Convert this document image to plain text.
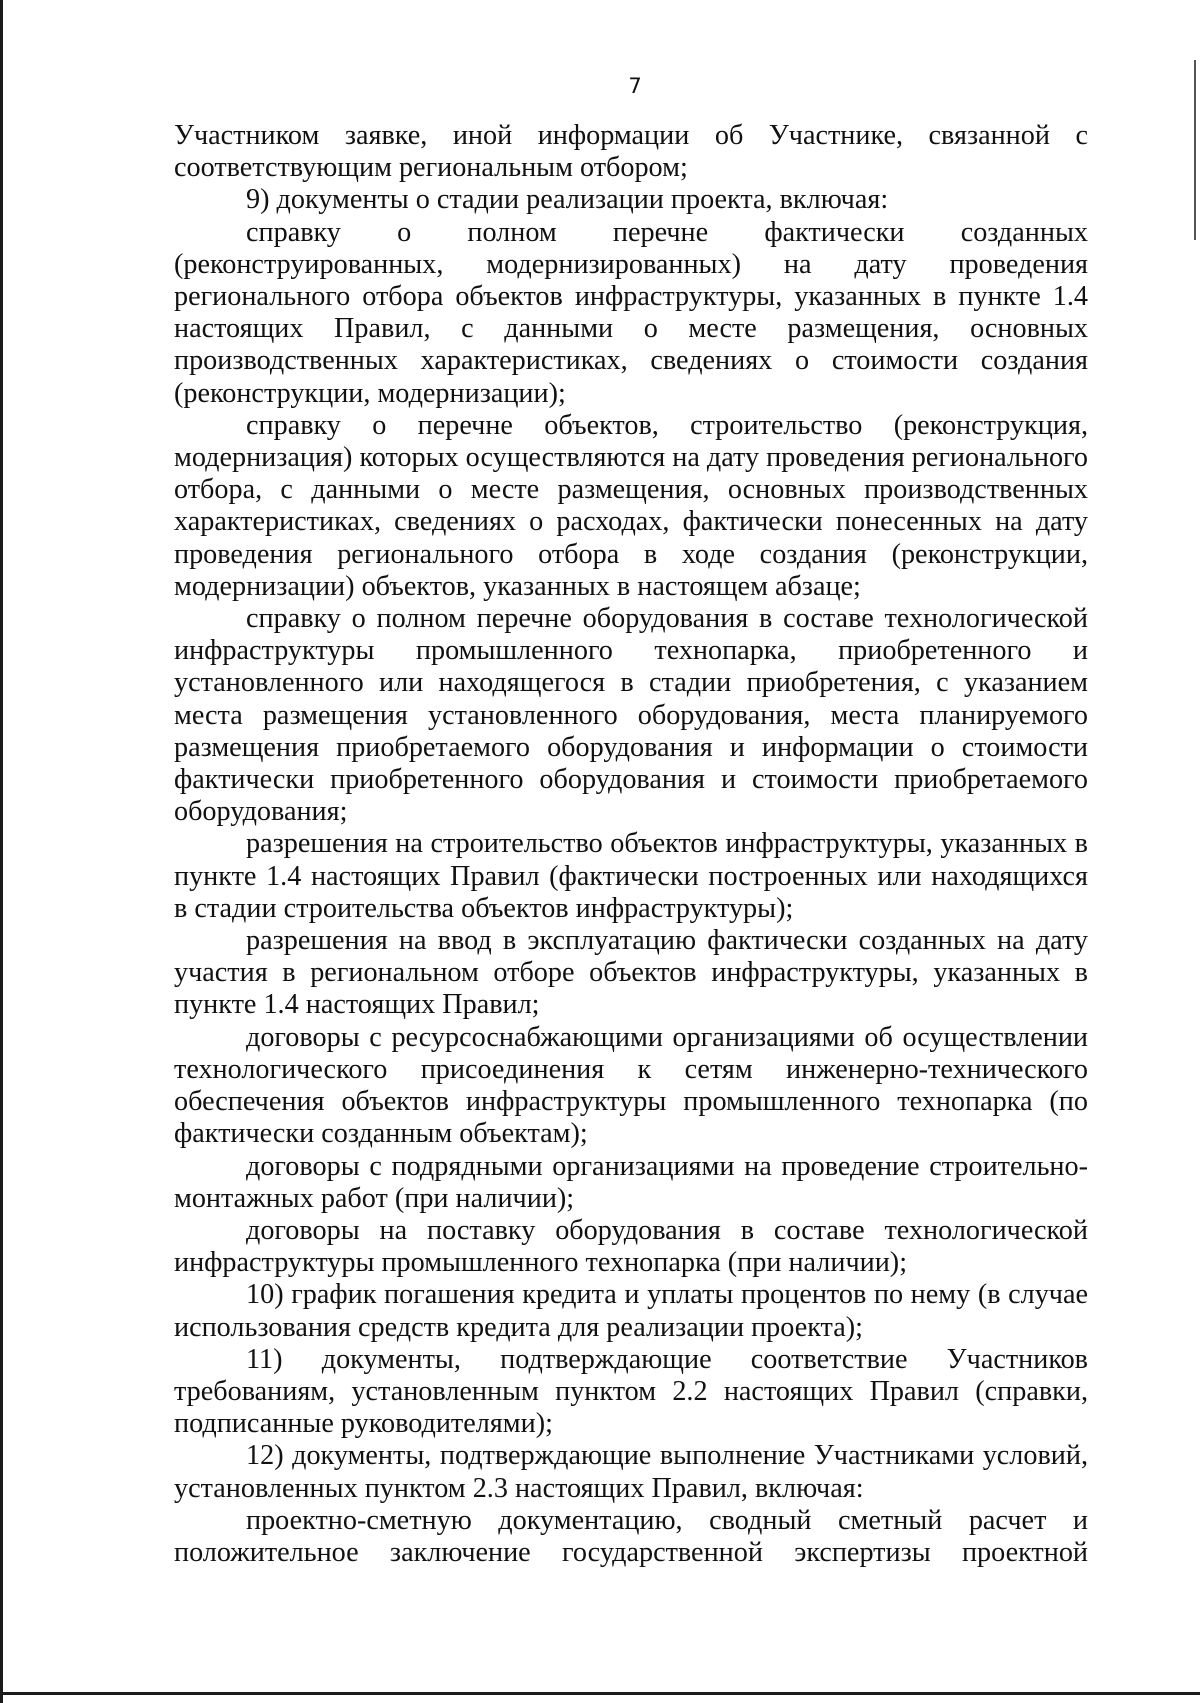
7

Участником заявке, иной информации об Участнике, связанной с соответствующим региональным отбором;

9) документы о стадии реализации проекта, включая:

справку о полном перечне фактически созданных (реконструированных, модернизированных) на дату проведения регионального отбора объектов инфраструктуры, указанных в пункте 1.4 настоящих Правил, с данными о месте размещения, основных производственных характеристиках, сведениях о стоимости создания (реконструкции, модернизации);

справку о перечне объектов, строительство (реконструкция, модернизация) которых осуществляются на дату проведения регионального отбора, с данными о месте размещения, основных производственных характеристиках, сведениях о расходах, фактически понесенных на дату проведения регионального отбора в ходе создания (реконструкции, модернизации) объектов, указанных в настоящем абзаце;

справку о полном перечне оборудования в составе технологической инфраструктуры промышленного технопарка, приобретенного и установленного или находящегося в стадии приобретения, с указанием места размещения установленного оборудования, места планируемого размещения приобретаемого оборудования и информации о стоимости фактически приобретенного оборудования и стоимости приобретаемого оборудования;

разрешения на строительство объектов инфраструктуры, указанных в пункте 1.4 настоящих Правил (фактически построенных или находящихся в стадии строительства объектов инфраструктуры);

разрешения на ввод в эксплуатацию фактически созданных на дату участия в региональном отборе объектов инфраструктуры, указанных в пункте 1.4 настоящих Правил;

договоры с ресурсоснабжающими организациями об осуществлении технологического присоединения к сетям инженерно-технического обеспечения объектов инфраструктуры промышленного технопарка (по фактически созданным объектам);

договоры с подрядными организациями на проведение строительно-монтажных работ (при наличии);

договоры на поставку оборудования в составе технологической инфраструктуры промышленного технопарка (при наличии);

10) график погашения кредита и уплаты процентов по нему (в случае использования средств кредита для реализации проекта);

11) документы, подтверждающие соответствие Участников требованиям, установленным пунктом 2.2 настоящих Правил (справки, подписанные руководителями);

12) документы, подтверждающие выполнение Участниками условий, установленных пунктом 2.3 настоящих Правил, включая:

проектно-сметную документацию, сводный сметный расчет и положительное заключение государственной экспертизы проектной
